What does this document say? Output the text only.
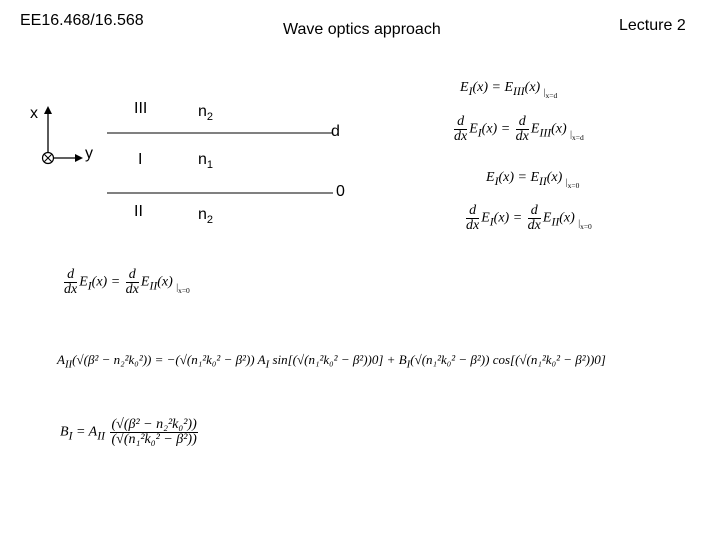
EE16.468/16.568
Wave optics approach	Lecture 2
x
y
III	$n_2$
I	$n_1$
II	$n_2$
d
0
$E_I(x) = E_{III}(x)$ $_{|_{x=d}}$
$\frac{d}{dx} E_I(x) = \frac{d}{dx} E_{III}(x)$ $_{|_{x=d}}$
$E_I(x) = E_{II}(x)$ $_{|_{x=0}}$
$\frac{d}{dx} E_I(x) = \frac{d}{dx} E_{II}(x)$ $_{|_{x=0}}$
$\frac{d}{dx} E_I(x) = \frac{d}{dx} E_{II}(x)$ $_{|_{x=0}}$
$A_{II}(√(\beta^2 - n_2^2k_0^2)) = -(√(n_1^2k_0^2 - \beta^2))$ $A_I$ $\sin[(√(n_1^2k_0^2 - \beta^2))0] + B_I(√(n_1^2k_0^2 - \beta^2)) \cos[(√(n_1^2k_0^2 - \beta^2))0]$
$B_I = A_{II} \frac{\text{(√(β² − n₂²k₀²))}}{\text{(√(n₁²k₀² − β²))}}$
